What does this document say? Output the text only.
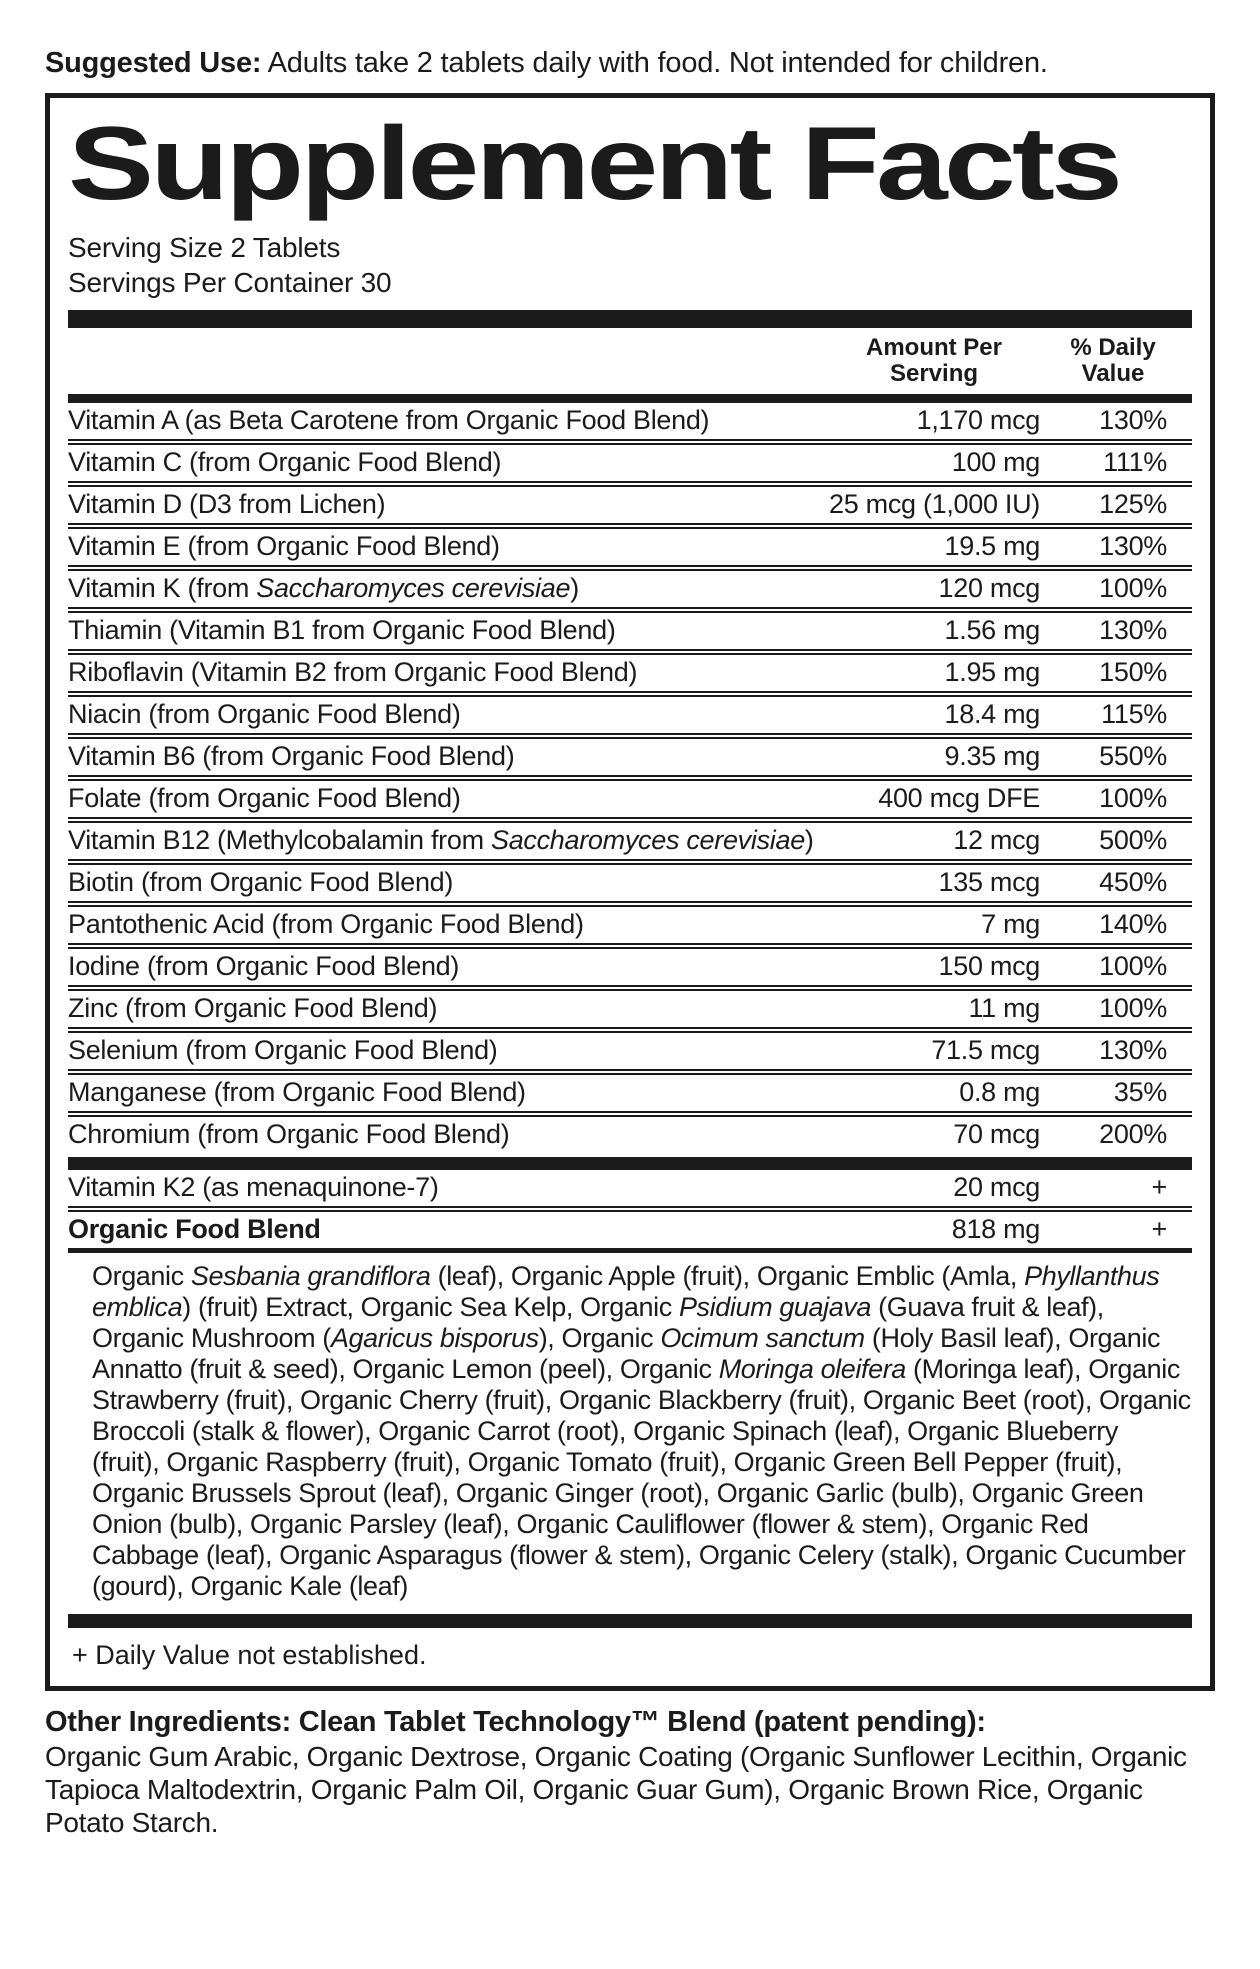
Suggested Use: Adults take 2 tablets daily with food. Not intended for children.

Supplement Facts
Serving Size 2 Tablets
Servings Per Container 30
Amount Per
Serving
% Daily
Value
Vitamin A (as Beta Carotene from Organic Food Blend)	1,170 mcg	130%
Vitamin C (from Organic Food Blend)	100 mg	111%
Vitamin D (D3 from Lichen)	25 mcg (1,000 IU)	125%
Vitamin E (from Organic Food Blend)	19.5 mg	130%
Vitamin K (from Saccharomyces cerevisiae)	120 mcg	100%
Thiamin (Vitamin B1 from Organic Food Blend)	1.56 mg	130%
Riboflavin (Vitamin B2 from Organic Food Blend)	1.95 mg	150%
Niacin (from Organic Food Blend)	18.4 mg	115%
Vitamin B6 (from Organic Food Blend)	9.35 mg	550%
Folate (from Organic Food Blend)	400 mcg DFE	100%
Vitamin B12 (Methylcobalamin from Saccharomyces cerevisiae)	12 mcg	500%
Biotin (from Organic Food Blend)	135 mcg	450%
Pantothenic Acid (from Organic Food Blend)	7 mg	140%
Iodine (from Organic Food Blend)	150 mcg	100%
Zinc (from Organic Food Blend)	11 mg	100%
Selenium (from Organic Food Blend)	71.5 mcg	130%
Manganese (from Organic Food Blend)	0.8 mg	35%
Chromium (from Organic Food Blend)	70 mcg	200%
Vitamin K2 (as menaquinone-7)	20 mcg	+
Organic Food Blend	818 mg	+
Organic Sesbania grandiflora (leaf), Organic Apple (fruit), Organic Emblic (Amla, Phyllanthus emblica) (fruit) Extract, Organic Sea Kelp, Organic Psidium guajava (Guava fruit & leaf), Organic Mushroom (Agaricus bisporus), Organic Ocimum sanctum (Holy Basil leaf), Organic Annatto (fruit & seed), Organic Lemon (peel), Organic Moringa oleifera (Moringa leaf), Organic Strawberry (fruit), Organic Cherry (fruit), Organic Blackberry (fruit), Organic Beet (root), Organic Broccoli (stalk & flower), Organic Carrot (root), Organic Spinach (leaf), Organic Blueberry (fruit), Organic Raspberry (fruit), Organic Tomato (fruit), Organic Green Bell Pepper (fruit), Organic Brussels Sprout (leaf), Organic Ginger (root), Organic Garlic (bulb), Organic Green Onion (bulb), Organic Parsley (leaf), Organic Cauliflower (flower & stem), Organic Red Cabbage (leaf), Organic Asparagus (flower & stem), Organic Celery (stalk), Organic Cucumber (gourd), Organic Kale (leaf)
+ Daily Value not established.
Other Ingredients: Clean Tablet Technology™ Blend (patent pending):
Organic Gum Arabic, Organic Dextrose, Organic Coating (Organic Sunflower Lecithin, Organic Tapioca Maltodextrin, Organic Palm Oil, Organic Guar Gum), Organic Brown Rice, Organic Potato Starch.
